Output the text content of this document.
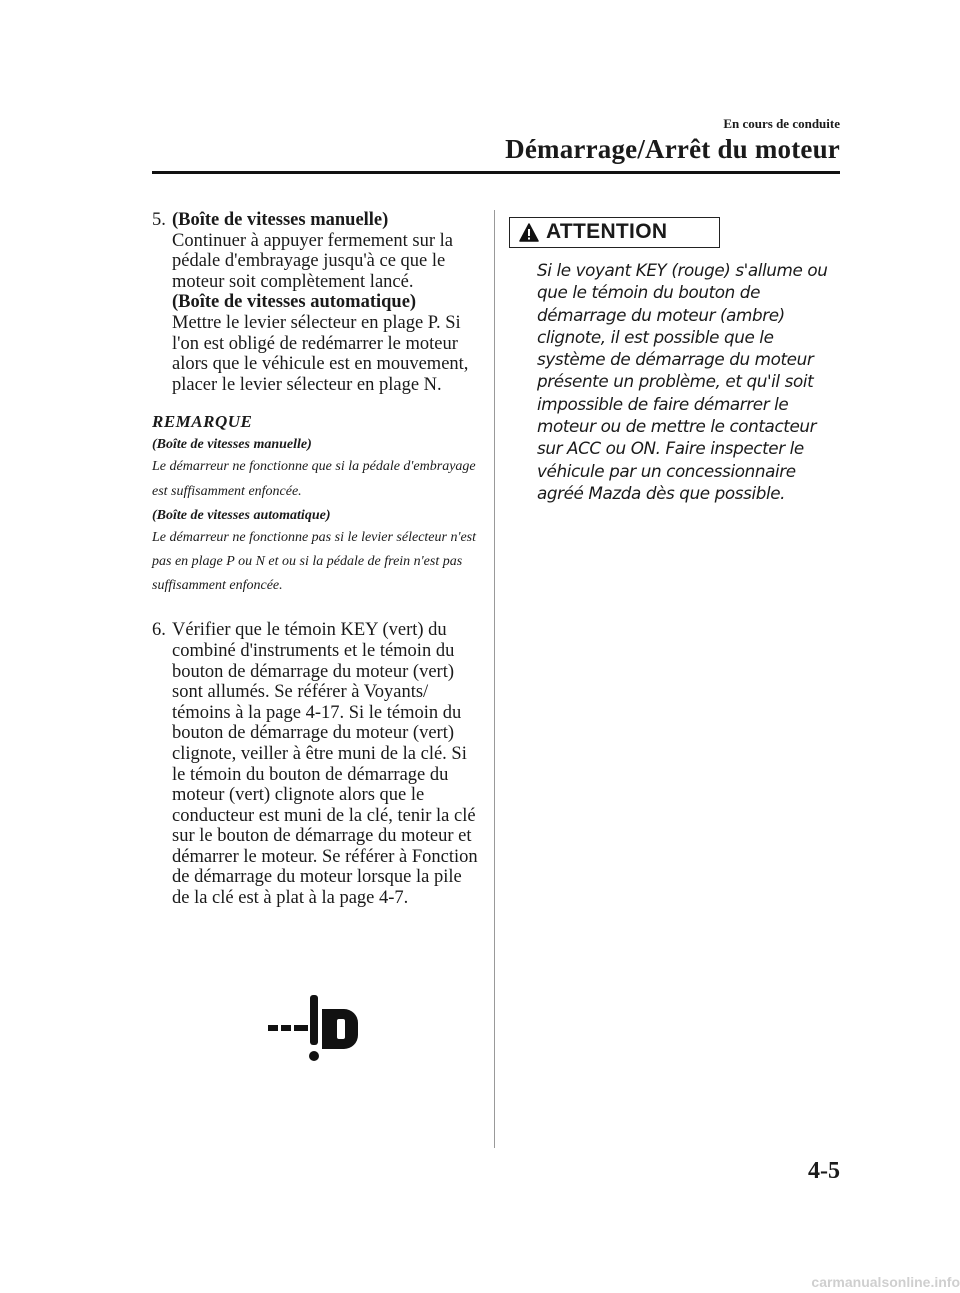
En cours de conduite
Démarrage/Arrêt du moteur
5. (Boîte de vitesses manuelle)
Continuer à appuyer fermement sur la pédale d'embrayage jusqu'à ce que le moteur soit complètement lancé.
(Boîte de vitesses automatique)
Mettre le levier sélecteur en plage P. Si l'on est obligé de redémarrer le moteur alors que le véhicule est en mouvement, placer le levier sélecteur en plage N.
REMARQUE
(Boîte de vitesses manuelle)
Le démarreur ne fonctionne que si la pédale d'embrayage est suffisamment enfoncée.
(Boîte de vitesses automatique)
Le démarreur ne fonctionne pas si le levier sélecteur n'est pas en plage P ou N et ou si la pédale de frein n'est pas suffisamment enfoncée.
6. Vérifier que le témoin KEY (vert) du combiné d'instruments et le témoin du bouton de démarrage du moteur (vert) sont allumés. Se référer à Voyants/ témoins à la page 4-17. Si le témoin du bouton de démarrage du moteur (vert) clignote, veiller à être muni de la clé. Si le témoin du bouton de démarrage du moteur (vert) clignote alors que le conducteur est muni de la clé, tenir la clé sur le bouton de démarrage du moteur et démarrer le moteur. Se référer à Fonction de démarrage du moteur lorsque la pile de la clé est à plat à la page 4-7.
ATTENTION
Si le voyant KEY (rouge) s'allume ou que le témoin du bouton de démarrage du moteur (ambre) clignote, il est possible que le système de démarrage du moteur présente un problème, et qu'il soit impossible de faire démarrer le moteur ou de mettre le contacteur sur ACC ou ON. Faire inspecter le véhicule par un concessionnaire agréé Mazda dès que possible.
4-5
carmanualsonline.info
